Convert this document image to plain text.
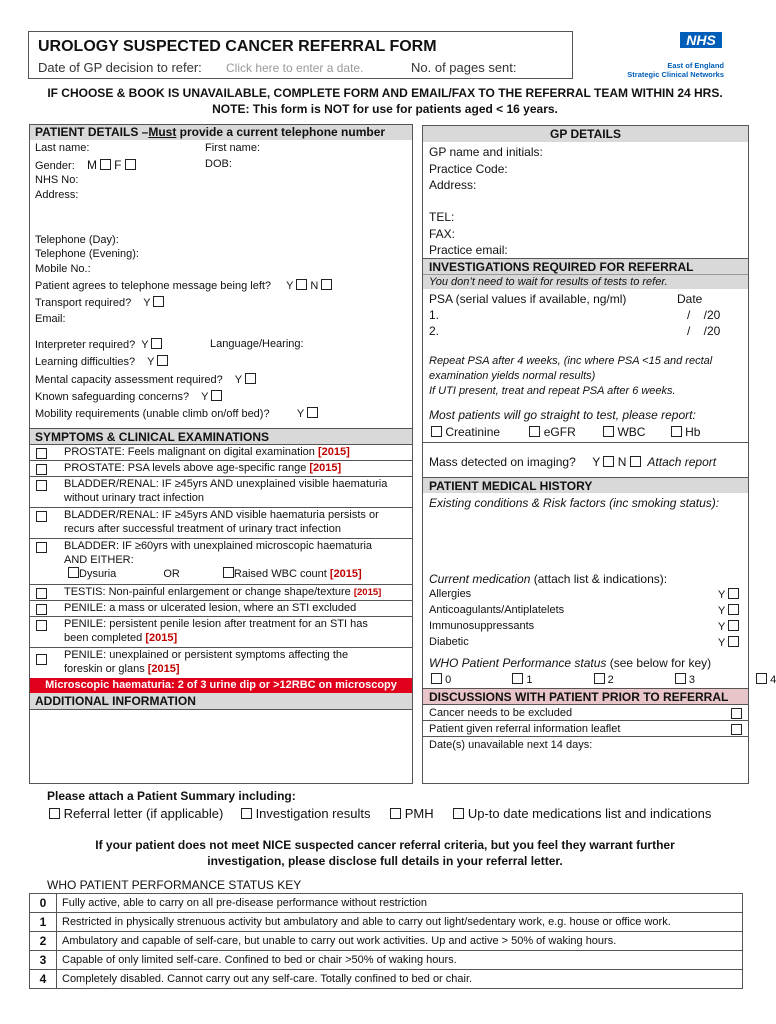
UROLOGY SUSPECTED CANCER REFERRAL FORM
Date of GP decision to refer: Click here to enter a date.	No. of pages sent:
NHS
East of England
Strategic Clinical Networks
IF CHOOSE & BOOK IS UNAVAILABLE, COMPLETE FORM AND EMAIL/FAX TO THE REFERRAL TEAM WITHIN 24 HRS.
NOTE: This form is NOT for use for patients aged < 16 years.
PATIENT DETAILS –Must provide a current telephone number
Last name:	First name:
Gender: M F	DOB:
NHS No:
Address:
Telephone (Day):
Telephone (Evening):
Mobile No.:
Patient agrees to telephone message being left? Y N
Transport required? Y
Email:
Interpreter required? Y	Language/Hearing:
Learning difficulties? Y
Mental capacity assessment required? Y
Known safeguarding concerns? Y
Mobility requirements (unable climb on/off bed)? Y
SYMPTOMS & CLINICAL EXAMINATIONS
PROSTATE: Feels malignant on digital examination [2015]
PROSTATE: PSA levels above age-specific range [2015]
BLADDER/RENAL: IF ≥45yrs AND unexplained visible haematuria
without urinary tract infection
BLADDER/RENAL: IF ≥45yrs AND visible haematuria persists or
recurs after successful treatment of urinary tract infection
BLADDER: IF ≥60yrs with unexplained microscopic haematuria
AND EITHER:
Dysuria	OR	Raised WBC count [2015]
TESTIS: Non-painful enlargement or change shape/texture [2015]
PENILE: a mass or ulcerated lesion, where an STI excluded
PENILE: persistent penile lesion after treatment for an STI has
been completed [2015]
PENILE: unexplained or persistent symptoms affecting the
foreskin or glans [2015]
Microscopic haematuria: 2 of 3 urine dip or >12RBC on microscopy
ADDITIONAL INFORMATION
GP DETAILS
GP name and initials:
Practice Code:
Address:
TEL:
FAX:
Practice email:
INVESTIGATIONS REQUIRED FOR REFERRAL
You don’t need to wait for results of tests to refer.
PSA (serial values if available, ng/ml)	Date
1.	/    /20
2.	/    /20
Repeat PSA after 4 weeks, (inc where PSA <15 and rectal
examination yields normal results)
If UTI present, treat and repeat PSA after 6 weeks.
Most patients will go straight to test, please report:
Creatinine	eGFR	WBC	Hb
Mass detected on imaging? Y N Attach report
PATIENT MEDICAL HISTORY
Existing conditions & Risk factors (inc smoking status):
Current medication (attach list & indications):
Allergies	Y
Anticoagulants/Antiplatelets	Y
Immunosuppressants	Y
Diabetic	Y
WHO Patient Performance status (see below for key)
0	1	2	3	4
DISCUSSIONS WITH PATIENT PRIOR TO REFERRAL
Cancer needs to be excluded
Patient given referral information leaflet
Date(s) unavailable next 14 days:
Please attach a Patient Summary including:
Referral letter (if applicable) Investigation results	PMH	Up-to date medications list and indications
If your patient does not meet NICE suspected cancer referral criteria, but you feel they warrant further
investigation, please disclose full details in your referral letter.
WHO PATIENT PERFORMANCE STATUS KEY
0	Fully active, able to carry on all pre-disease performance without restriction
1	Restricted in physically strenuous activity but ambulatory and able to carry out light/sedentary work, e.g. house or office work.
2	Ambulatory and capable of self-care, but unable to carry out work activities. Up and active > 50% of waking hours.
3	Capable of only limited self-care. Confined to bed or chair >50% of waking hours.
4	Completely disabled. Cannot carry out any self-care. Totally confined to bed or chair.
